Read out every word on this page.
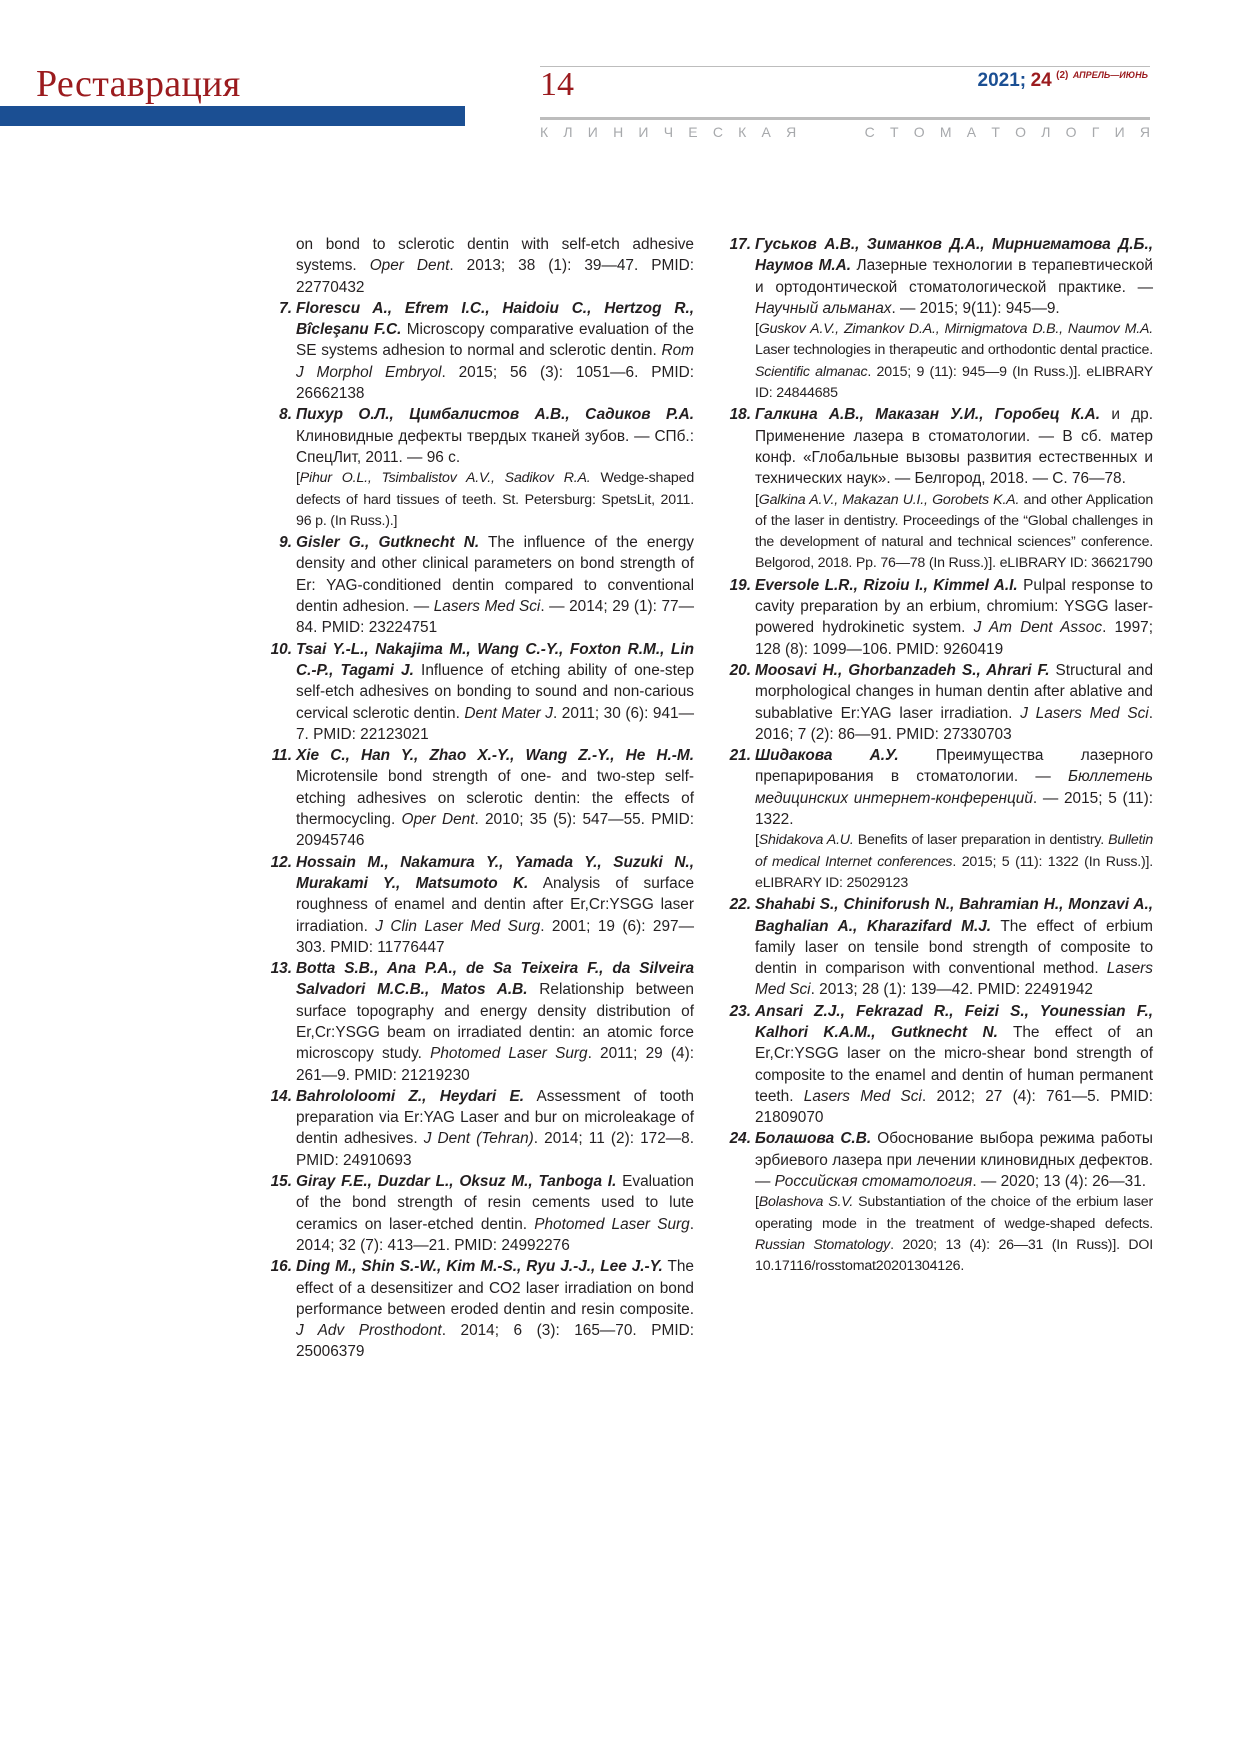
Реставрация	14	2021; 24 $^{(2)}$ $^{АПРЕЛЬ—ИЮНЬ}$
К Л И Н И Ч Е С К А Я	С Т О М А Т О Л О Г И Я
on bond to sclerotic dentin with self-etch adhesive systems. Oper Dent. 2013; 38 (1): 39—47. PMID: 22770432
7. Florescu A., Efrem I.C., Haidoiu C., Hertzog R., Bîcleşanu F.C. Microscopy comparative evaluation of the SE systems adhesion to normal and sclerotic dentin. Rom J Morphol Embryol. 2015; 56 (3): 1051—6. PMID: 26662138
8. Пихур О.Л., Цимбалистов А.В., Садиков Р.А. Клиновидные дефекты твердых тканей зубов. — СПб.: СпецЛит, 2011. — 96 с.
[Pihur O.L., Tsimbalistov A.V., Sadikov R.A. Wedge-shaped defects of hard tissues of teeth. St. Petersburg: SpetsLit, 2011. 96 p. (In Russ.).]
9. Gisler G., Gutknecht N. The influence of the energy density and other clinical parameters on bond strength of Er: YAG-conditioned dentin compared to conventional dentin adhesion. — Lasers Med Sci. — 2014; 29 (1): 77—84. PMID: 23224751
10. Tsai Y.-L., Nakajima M., Wang C.-Y., Foxton R.M., Lin C.-P., Tagami J. Influence of etching ability of one-step self-etch adhesives on bonding to sound and non-carious cervical sclerotic dentin. Dent Mater J. 2011; 30 (6): 941—7. PMID: 22123021
11. Xie C., Han Y., Zhao X.-Y., Wang Z.-Y., He H.-M. Microtensile bond strength of one- and two-step self-etching adhesives on sclerotic dentin: the effects of thermocycling. Oper Dent. 2010; 35 (5): 547—55. PMID: 20945746
12. Hossain M., Nakamura Y., Yamada Y., Suzuki N., Murakami Y., Matsumoto K. Analysis of surface roughness of enamel and dentin after Er,Cr:YSGG laser irradiation. J Clin Laser Med Surg. 2001; 19 (6): 297—303. PMID: 11776447
13. Botta S.B., Ana P.A., de Sa Teixeira F., da Silveira Salvadori M.C.B., Matos A.B. Relationship between surface topography and energy density distribution of Er,Cr:YSGG beam on irradiated dentin: an atomic force microscopy study. Photomed Laser Surg. 2011; 29 (4): 261—9. PMID: 21219230
14. Bahrololoomi Z., Heydari E. Assessment of tooth preparation via Er:YAG Laser and bur on microleakage of dentin adhesives. J Dent (Tehran). 2014; 11 (2): 172—8. PMID: 24910693
15. Giray F.E., Duzdar L., Oksuz M., Tanboga I. Evaluation of the bond strength of resin cements used to lute ceramics on laser-etched dentin. Photomed Laser Surg. 2014; 32 (7): 413—21. PMID: 24992276
16. Ding M., Shin S.-W., Kim M.-S., Ryu J.-J., Lee J.-Y. The effect of a desensitizer and CO2 laser irradiation on bond performance between eroded dentin and resin composite. J Adv Prosthodont. 2014; 6 (3): 165—70. PMID: 25006379
17. Гуськов А.В., Зиманков Д.А., Мирнигматова Д.Б., Наумов М.А. Лазерные технологии в терапевтической и ортодонтической стоматологической практике. — Научный альманах. — 2015; 9(11): 945—9.
[Guskov A.V., Zimankov D.A., Mirnigmatova D.B., Naumov M.A. Laser technologies in therapeutic and orthodontic dental practice. Scientific almanac. 2015; 9 (11): 945—9 (In Russ.)]. eLIBRARY ID: 24844685
18. Галкина А.В., Маказан У.И., Горобец К.А. и др. Применение лазера в стоматологии. — В сб. матер конф. «Глобальные вызовы развития естественных и технических наук». — Белгород, 2018. — С. 76—78.
[Galkina A.V., Makazan U.I., Gorobets K.A. and other Application of the laser in dentistry. Proceedings of the “Global challenges in the development of natural and technical sciences” conference. Belgorod, 2018. Pp. 76—78 (In Russ.)]. eLIBRARY ID: 36621790
19. Eversole L.R., Rizoiu I., Kimmel A.I. Pulpal response to cavity preparation by an erbium, chromium: YSGG laser-powered hydrokinetic system. J Am Dent Assoc. 1997; 128 (8): 1099—106. PMID: 9260419
20. Moosavi H., Ghorbanzadeh S., Ahrari F. Structural and morphological changes in human dentin after ablative and subablative Er:YAG laser irradiation. J Lasers Med Sci. 2016; 7 (2): 86—91. PMID: 27330703
21. Шидакова А.У. Преимущества лазерного препарирования в стоматологии. — Бюллетень медицинских интернет-конференций. — 2015; 5 (11): 1322.
[Shidakova A.U. Benefits of laser preparation in dentistry. Bulletin of medical Internet conferences. 2015; 5 (11): 1322 (In Russ.)]. eLIBRARY ID: 25029123
22. Shahabi S., Chiniforush N., Bahramian H., Monzavi A., Baghalian A., Kharazifard M.J. The effect of erbium family laser on tensile bond strength of composite to dentin in comparison with conventional method. Lasers Med Sci. 2013; 28 (1): 139—42. PMID: 22491942
23. Ansari Z.J., Fekrazad R., Feizi S., Younessian F., Kalhori K.A.M., Gutknecht N. The effect of an Er,Cr:YSGG laser on the micro-shear bond strength of composite to the enamel and dentin of human permanent teeth. Lasers Med Sci. 2012; 27 (4): 761—5. PMID: 21809070
24. Болашова С.В. Обоснование выбора режима работы эрбиевого лазера при лечении клиновидных дефектов. — Российская стоматология. — 2020; 13 (4): 26—31.
[Bolashova S.V. Substantiation of the choice of the erbium laser operating mode in the treatment of wedge-shaped defects. Russian Stomatology. 2020; 13 (4): 26—31 (In Russ)]. DOI 10.17116/rosstomat20201304126.
